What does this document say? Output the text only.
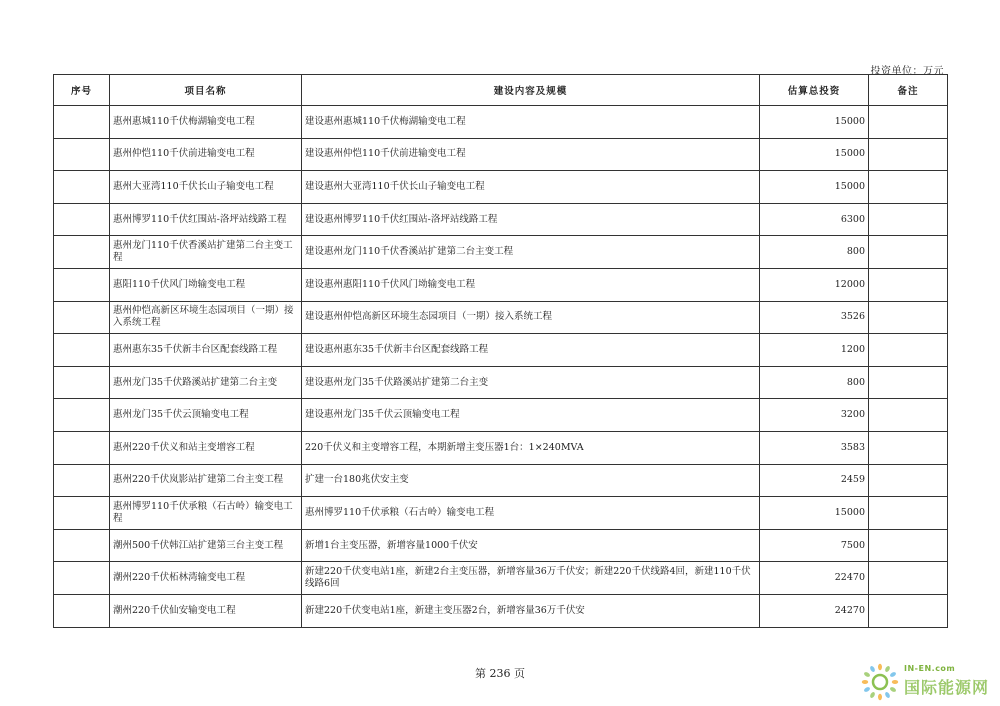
投资单位：万元
序号	项目名称	建设内容及规模	估算总投资	备注
	惠州惠城110千伏梅湖输变电工程	建设惠州惠城110千伏梅湖输变电工程	15000	
	惠州仲恺110千伏前进输变电工程	建设惠州仲恺110千伏前进输变电工程	15000	
	惠州大亚湾110千伏长山子输变电工程	建设惠州大亚湾110千伏长山子输变电工程	15000	
	惠州博罗110千伏红围站-洛坪站线路工程	建设惠州博罗110千伏红围站-洛坪站线路工程	6300	
	惠州龙门110千伏香溪站扩建第二台主变工程	建设惠州龙门110千伏香溪站扩建第二台主变工程	800	
	惠阳110千伏风门坳输变电工程	建设惠州惠阳110千伏风门坳输变电工程	12000	
	惠州仲恺高新区环境生态园项目（一期）接入系统工程	建设惠州仲恺高新区环境生态园项目（一期）接入系统工程	3526	
	惠州惠东35千伏新丰台区配套线路工程	建设惠州惠东35千伏新丰台区配套线路工程	1200	
	惠州龙门35千伏路溪站扩建第二台主变	建设惠州龙门35千伏路溪站扩建第二台主变	800	
	惠州龙门35千伏云顶输变电工程	建设惠州龙门35千伏云顶输变电工程	3200	
	惠州220千伏义和站主变增容工程	220千伏义和主变增容工程，本期新增主变压器1台：1×240MVA	3583	
	惠州220千伏岚影站扩建第二台主变工程	扩建一台180兆伏安主变	2459	
	惠州博罗110千伏承粮（石古岭）输变电工程	惠州博罗110千伏承粮（石古岭）输变电工程	15000	
	潮州500千伏韩江站扩建第三台主变工程	新增1台主变压器，新增容量1000千伏安	7500	
	潮州220千伏柘林湾输变电工程	新建220千伏变电站1座，新建2台主变压器，新增容量36万千伏安；新建220千伏线路4回，新建110千伏线路6回	22470	
	潮州220千伏仙安输变电工程	新建220千伏变电站1座，新建主变压器2台，新增容量36万千伏安	24270	
第 236 页	IN-EN.com
国际能源网
